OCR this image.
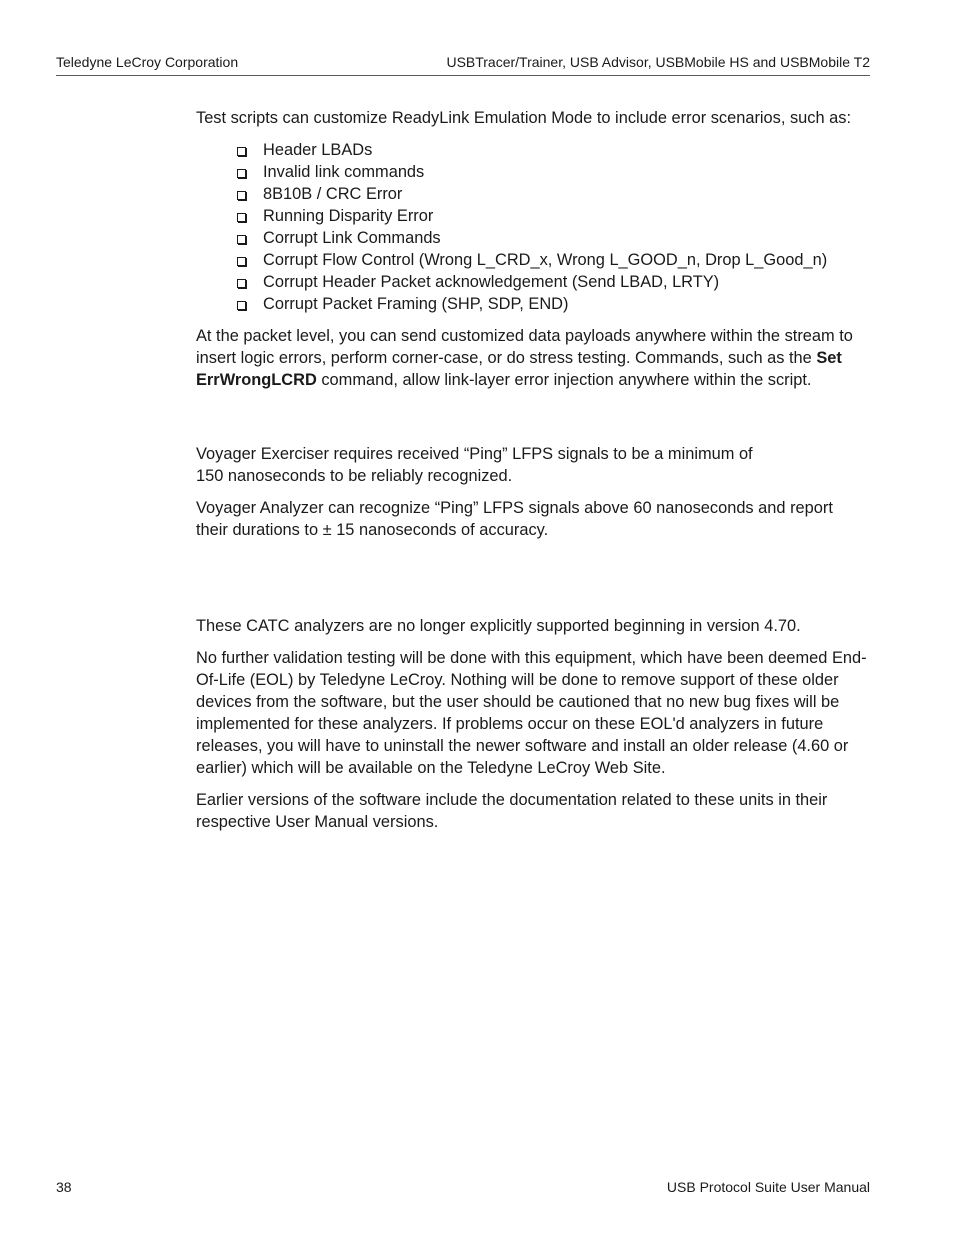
Teledyne LeCroy Corporation	USBTracer/Trainer, USB Advisor, USBMobile HS and USBMobile T2

Test scripts can customize ReadyLink Emulation Mode to include error scenarios, such as:

Header LBADs
Invalid link commands
8B10B / CRC Error
Running Disparity Error
Corrupt Link Commands
Corrupt Flow Control (Wrong L_CRD_x, Wrong L_GOOD_n, Drop L_Good_n)
Corrupt Header Packet acknowledgement (Send LBAD, LRTY)
Corrupt Packet Framing (SHP, SDP, END)

At the packet level, you can send customized data payloads anywhere within the stream to insert logic errors, perform corner-case, or do stress testing. Commands, such as the Set ErrWrongLCRD command, allow link-layer error injection anywhere within the script.

Voyager Exerciser requires received “Ping” LFPS signals to be a minimum of
150 nanoseconds to be reliably recognized.

Voyager Analyzer can recognize “Ping” LFPS signals above 60 nanoseconds and report
their durations to ± 15 nanoseconds of accuracy.

These CATC analyzers are no longer explicitly supported beginning in version 4.70.

No further validation testing will be done with this equipment, which have been deemed End-Of-Life (EOL) by Teledyne LeCroy. Nothing will be done to remove support of these older devices from the software, but the user should be cautioned that no new bug fixes will be implemented for these analyzers. If problems occur on these EOL'd analyzers in future releases, you will have to uninstall the newer software and install an older release (4.60 or earlier) which will be available on the Teledyne LeCroy Web Site.

Earlier versions of the software include the documentation related to these units in their respective User Manual versions.

38	USB Protocol Suite User Manual
